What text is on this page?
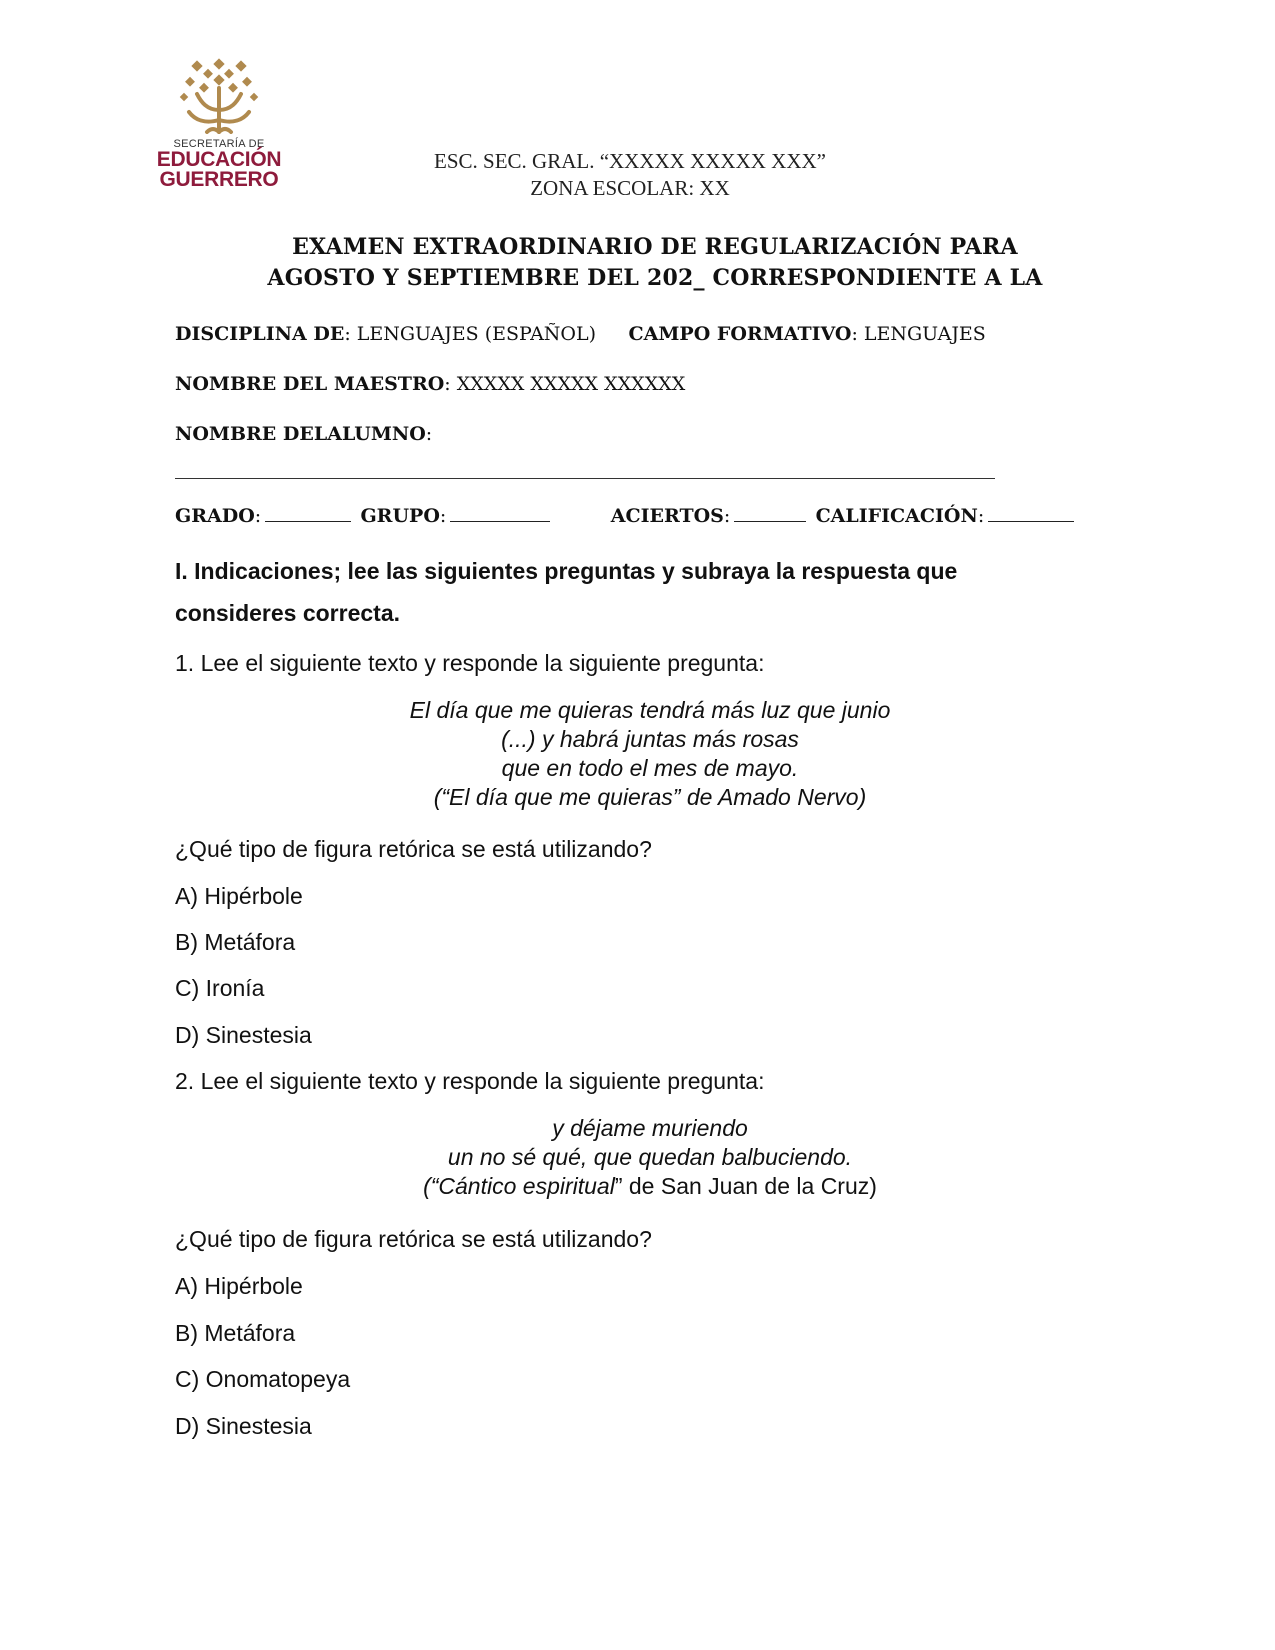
SECRETARÍA DE
EDUCACIÓN
GUERRERO
ESC. SEC. GRAL. “XXXXX XXXXX XXX”
ZONA ESCOLAR: XX
EXAMEN EXTRAORDINARIO DE REGULARIZACIÓN PARA
AGOSTO Y SEPTIEMBRE DEL 202_ CORRESPONDIENTE A LA
DISCIPLINA DE: LENGUAJES (ESPAÑOL) CAMPO FORMATIVO: LENGUAJES
NOMBRE DEL MAESTRO: XXXXX XXXXX XXXXXX
NOMBRE DELALUMNO:
GRADO:	GRUPO:	ACIERTOS:	CALIFICACIÓN:
I. Indicaciones; lee las siguientes preguntas y subraya la respuesta que
consideres correcta.
1. Lee el siguiente texto y responde la siguiente pregunta:
El día que me quieras tendrá más luz que junio
(...) y habrá juntas más rosas
que en todo el mes de mayo.
(“El día que me quieras” de Amado Nervo)
¿Qué tipo de figura retórica se está utilizando?
A) Hipérbole
B) Metáfora
C) Ironía
D) Sinestesia
2. Lee el siguiente texto y responde la siguiente pregunta:
y déjame muriendo
un no sé qué, que quedan balbuciendo.
(“Cántico espiritual” de San Juan de la Cruz)
¿Qué tipo de figura retórica se está utilizando?
A) Hipérbole
B) Metáfora
C) Onomatopeya
D) Sinestesia
